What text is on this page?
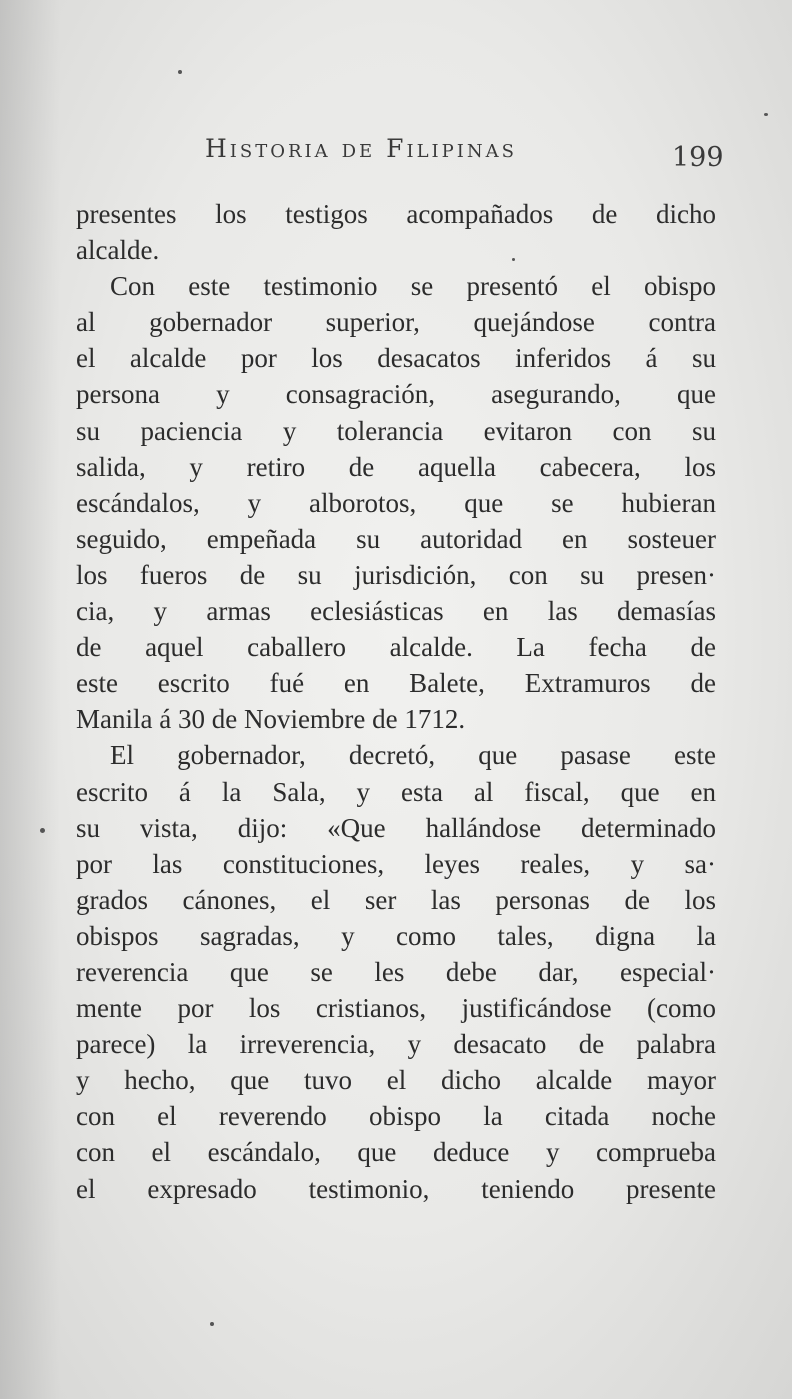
Historia de Filipinas	199
presentes los testigos acompañados de dicho
alcalde.
Con este testimonio se presentó el obispo
al gobernador superior, quejándose contra
el alcalde por los desacatos inferidos á su
persona y consagración, asegurando, que
su paciencia y tolerancia evitaron con su
salida, y retiro de aquella cabecera, los
escándalos, y alborotos, que se hubieran
seguido, empeñada su autoridad en sosteuer
los fueros de su jurisdición, con su presen·
cia, y armas eclesiásticas en las demasías
de aquel caballero alcalde. La fecha de
este escrito fué en Balete, Extramuros de
Manila á 30 de Noviembre de 1712.
El gobernador, decretó, que pasase este
escrito á la Sala, y esta al fiscal, que en
su vista, dijo: «Que hallándose determinado
por las constituciones, leyes reales, y sa·
grados cánones, el ser las personas de los
obispos sagradas, y como tales, digna la
reverencia que se les debe dar, especial·
mente por los cristianos, justificándose (como
parece) la irreverencia, y desacato de palabra
y hecho, que tuvo el dicho alcalde mayor
con el reverendo obispo la citada noche
con el escándalo, que deduce y comprueba
el expresado testimonio, teniendo presente
